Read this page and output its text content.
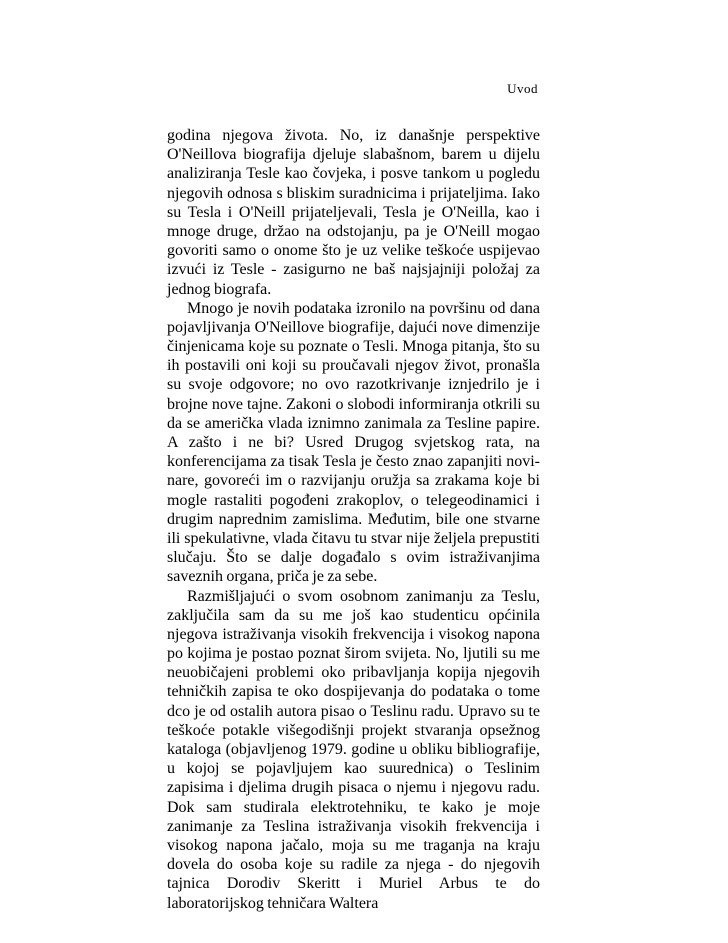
Uvod
godina njegova života. No, iz današnje perspektive
O'Neillova biografija djeluje slabašnom, barem u dijelu
analiziranja Tesle kao čovjeka, i posve tankom u pogledu
njegovih odnosa s bliskim suradnicima i prijateljima. Iako
su Tesla i O'Neill prijateljevali, Tesla je O'Neilla, kao i
mnoge druge, držao na odstojanju, pa je O'Neill mogao
govoriti samo o onome što je uz velike teškoće uspijevao
izvući iz Tesle - zasigurno ne baš najsjajniji položaj za
jednog biografa.
Mnogo je novih podataka izronilo na površinu od dana
pojavljivanja O'Neillove biografije, dajući nove dimenzije
činjenicama koje su poznate o Tesli. Mnoga pitanja, što su
ih postavili oni koji su proučavali njegov život, pronašla
su svoje odgovore; no ovo razotkrivanje iznjedrilo je i
brojne nove tajne. Zakoni o slobodi informiranja otkrili su
da se američka vlada iznimno zanimala za Tesline papire.
A zašto i ne bi? Usred Drugog svjetskog rata, na
konferencijama za tisak Tesla je često znao zapanjiti novi-
nare, govoreći im o razvijanju oružja sa zrakama koje bi
mogle rastaliti pogođeni zrakoplov, o telegeodinamici i
drugim naprednim zamislima. Međutim, bile one stvarne
ili spekulativne, vlada čitavu tu stvar nije željela prepustiti
slučaju. Što se dalje događalo s ovim istraživanjima
saveznih organa, priča je za sebe.
Razmišljajući o svom osobnom zanimanju za Teslu,
zaključila sam da su me još kao studenticu općinila
njegova istraživanja visokih frekvencija i visokog napona
po kojima je postao poznat širom svijeta. No, ljutili su me
neuobičajeni problemi oko pribavljanja kopija njegovih
tehničkih zapisa te oko dospijevanja do podataka o tome
dco je od ostalih autora pisao o Teslinu radu. Upravo su te
teškoće potakle višegodišnji projekt stvaranja opsežnog
kataloga (objavljenog 1979. godine u obliku bibliografije,
u kojoj se pojavljujem kao suurednica) o Teslinim
zapisima i djelima drugih pisaca o njemu i njegovu radu.
Dok sam studirala elektrotehniku, te kako je moje
zanimanje za Teslina istraživanja visokih frekvencija i
visokog napona jačalo, moja su me traganja na kraju
dovela do osoba koje su radile za njega - do njegovih
tajnica Dorodiv Skeritt i Muriel Arbus te do
laboratorijskog tehničara Waltera
